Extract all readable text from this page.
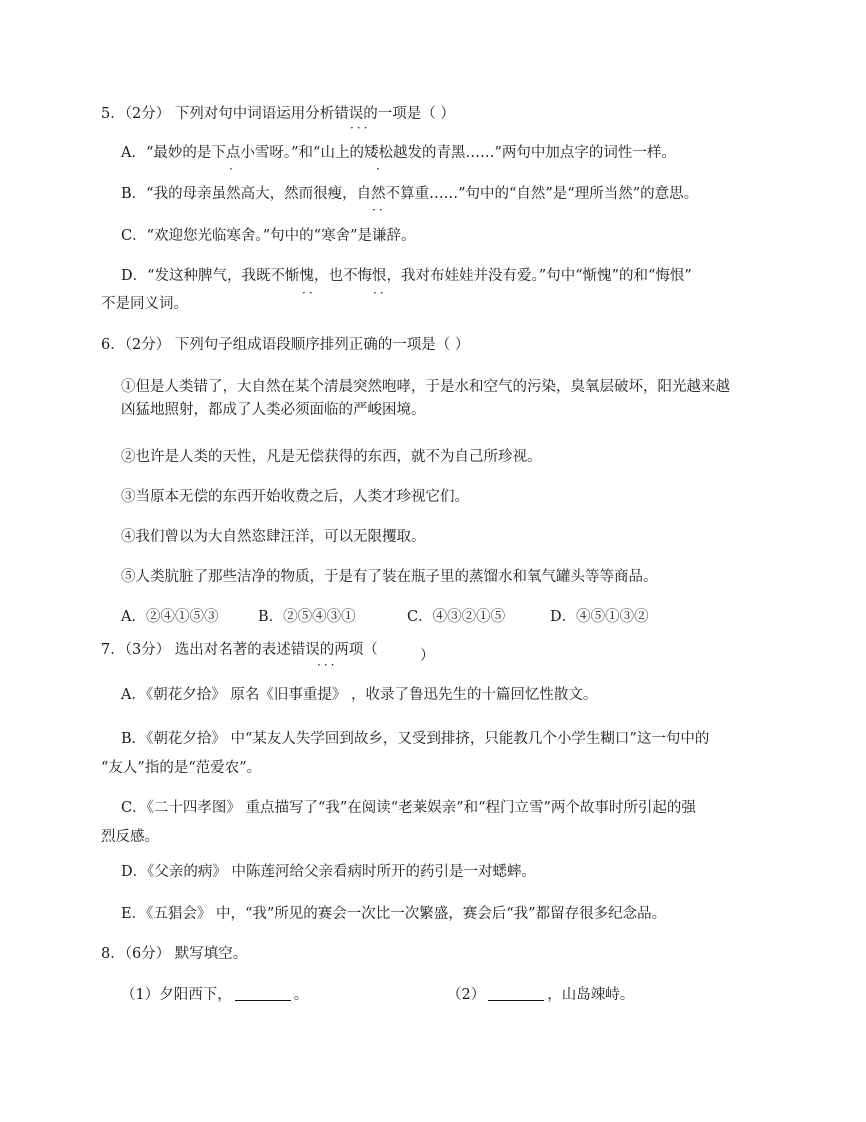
5．（2分） 下列对句中词语运用分析错误的一项是（ ）
···
A．“最妙的是下点小雪呀。”和“山上的矮松越发的青黑……”两句中加点字的词性一样。
·	·
B．“我的母亲虽然高大，然而很瘦，自然不算重……”句中的“自然”是“理所当然”的意思。
··
C．“欢迎您光临寒舍。”句中的“寒舍”是谦辞。
D．“发这种脾气，我既不惭愧，也不悔恨，我对布娃娃并没有爱。”句中“惭愧”的和“悔恨”
··	··
不是同义词。
6．（2分） 下列句子组成语段顺序排列正确的一项是（ ）
①但是人类错了，大自然在某个清晨突然咆哮，于是水和空气的污染，臭氧层破坏，阳光越来越
凶猛地照射，都成了人类必须面临的严峻困境。
②也许是人类的天性，凡是无偿获得的东西，就不为自己所珍视。
③当原本无偿的东西开始收费之后，人类才珍视它们。
④我们曾以为大自然恣肆汪洋，可以无限攫取。
⑤人类肮脏了那些洁净的物质，于是有了装在瓶子里的蒸馏水和氧气罐头等等商品。
A．②④①⑤③	B．②⑤④③①	C．④③②①⑤	D．④⑤①③②
7．（3分） 选出对名著的表述错误的两项（	）
···
A．《朝花夕拾》 原名《旧事重提》 ，收录了鲁迅先生的十篇回忆性散文。
B．《朝花夕拾》 中“某友人失学回到故乡，又受到排挤，只能教几个小学生糊口”这一句中的
“友人”指的是“范爱农”。
C．《二十四孝图》 重点描写了“我”在阅读“老莱娱亲”和“程门立雪”两个故事时所引起的强
烈反感。
D．《父亲的病》 中陈莲河给父亲看病时所开的药引是一对蟋蟀。
E．《五猖会》 中，“我”所见的赛会一次比一次繁盛，赛会后“我”都留存很多纪念品。
8．（6分） 默写填空。
（1）夕阳西下，	。	（2）	，山岛竦峙。
